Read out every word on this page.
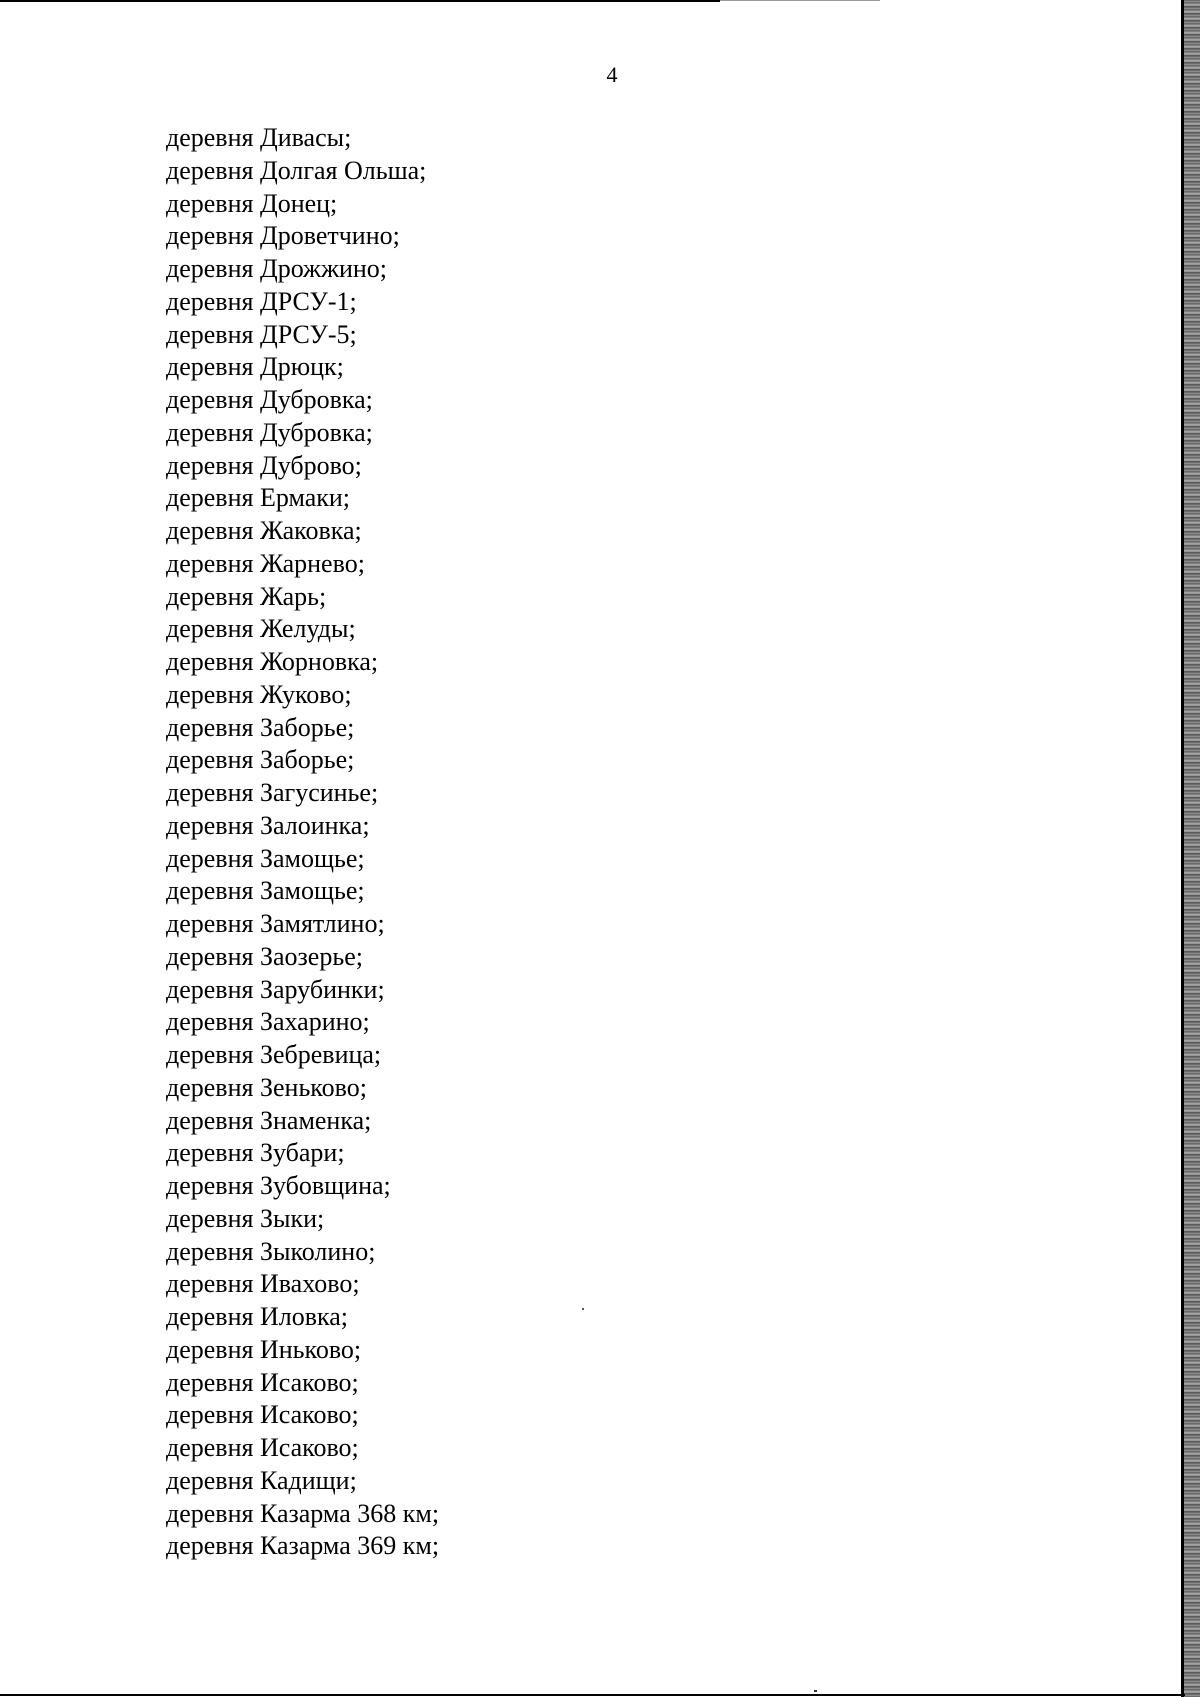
4
деревня Дивасы;
деревня Долгая Ольша;
деревня Донец;
деревня Дроветчино;
деревня Дрожжино;
деревня ДРСУ-1;
деревня ДРСУ-5;
деревня Дрюцк;
деревня Дубровка;
деревня Дубровка;
деревня Дуброво;
деревня Ермаки;
деревня Жаковка;
деревня Жарнево;
деревня Жарь;
деревня Желуды;
деревня Жорновка;
деревня Жуково;
деревня Заборье;
деревня Заборье;
деревня Загусинье;
деревня Залоинка;
деревня Замощье;
деревня Замощье;
деревня Замятлино;
деревня Заозерье;
деревня Зарубинки;
деревня Захарино;
деревня Зебревица;
деревня Зеньково;
деревня Знаменка;
деревня Зубари;
деревня Зубовщина;
деревня Зыки;
деревня Зыколино;
деревня Ивахово;
деревня Иловка;
деревня Иньково;
деревня Исаково;
деревня Исаково;
деревня Исаково;
деревня Кадищи;
деревня Казарма 368 км;
деревня Казарма 369 км;
